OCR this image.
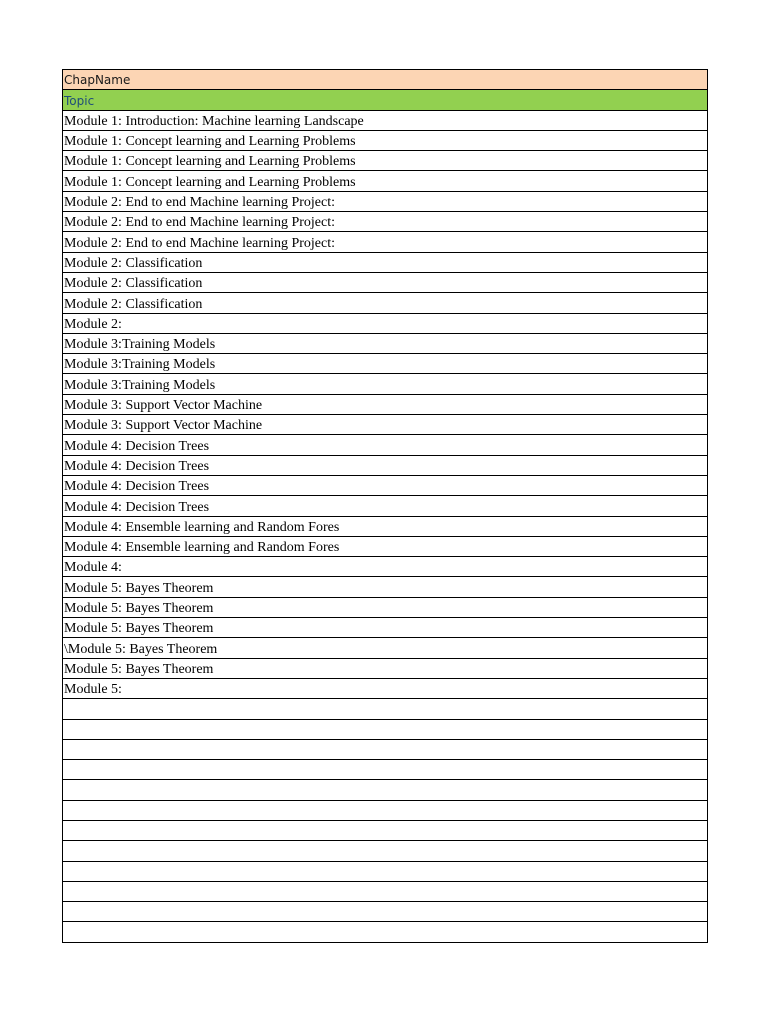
ChapName
Topic
Module 1: Introduction: Machine learning Landscape
Module 1: Concept learning and Learning Problems
Module 1: Concept learning and Learning Problems
Module 1: Concept learning and Learning Problems
Module 2: End to end Machine learning Project:
Module 2: End to end Machine learning Project:
Module 2: End to end Machine learning Project:
Module 2: Classification
Module 2: Classification
Module 2: Classification
Module 2:
Module 3:Training Models
Module 3:Training Models
Module 3:Training Models
Module 3: Support Vector Machine
Module 3: Support Vector Machine
Module 4: Decision Trees
Module 4: Decision Trees
Module 4: Decision Trees
Module 4: Decision Trees
Module 4: Ensemble learning and Random Fores
Module 4: Ensemble learning and Random Fores
Module 4:
Module 5: Bayes Theorem
Module 5: Bayes Theorem
Module 5: Bayes Theorem
\Module 5: Bayes Theorem
Module 5: Bayes Theorem
Module 5:
